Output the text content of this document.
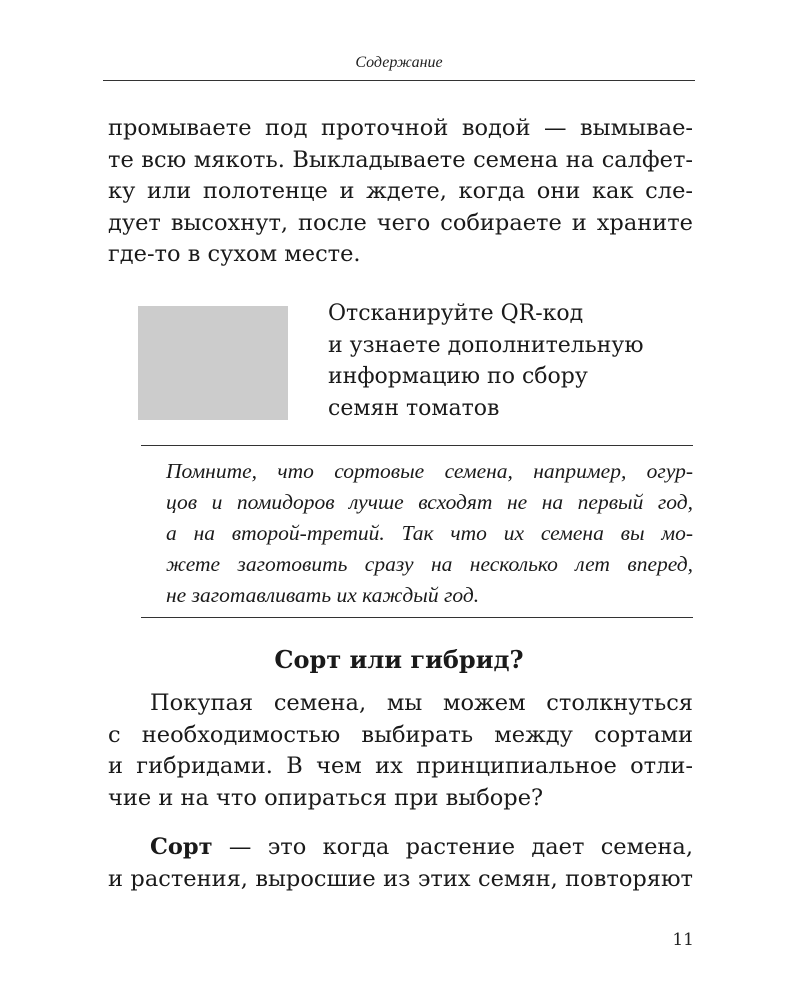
Содержание

промываете под проточной водой — вымывае-
те всю мякоть. Выкладываете семена на салфет-
ку или полотенце и ждете, когда они как сле-
дует высохнут, после чего собираете и храните
где-то в сухом месте.

Отсканируйте QR-код
и узнаете дополнительную
информацию по сбору
семян томатов

Помните, что сортовые семена, например, огур-
цов и помидоров лучше всходят не на первый год,
а на второй-третий. Так что их семена вы мо-
жете заготовить сразу на несколько лет вперед,
не заготавливать их каждый год.

Сорт или гибрид?

Покупая семена, мы можем столкнуться
с необходимостью выбирать между сортами
и гибридами. В чем их принципиальное отли-
чие и на что опираться при выборе?

Сорт — это когда растение дает семена,
и растения, выросшие из этих семян, повторяют

11
